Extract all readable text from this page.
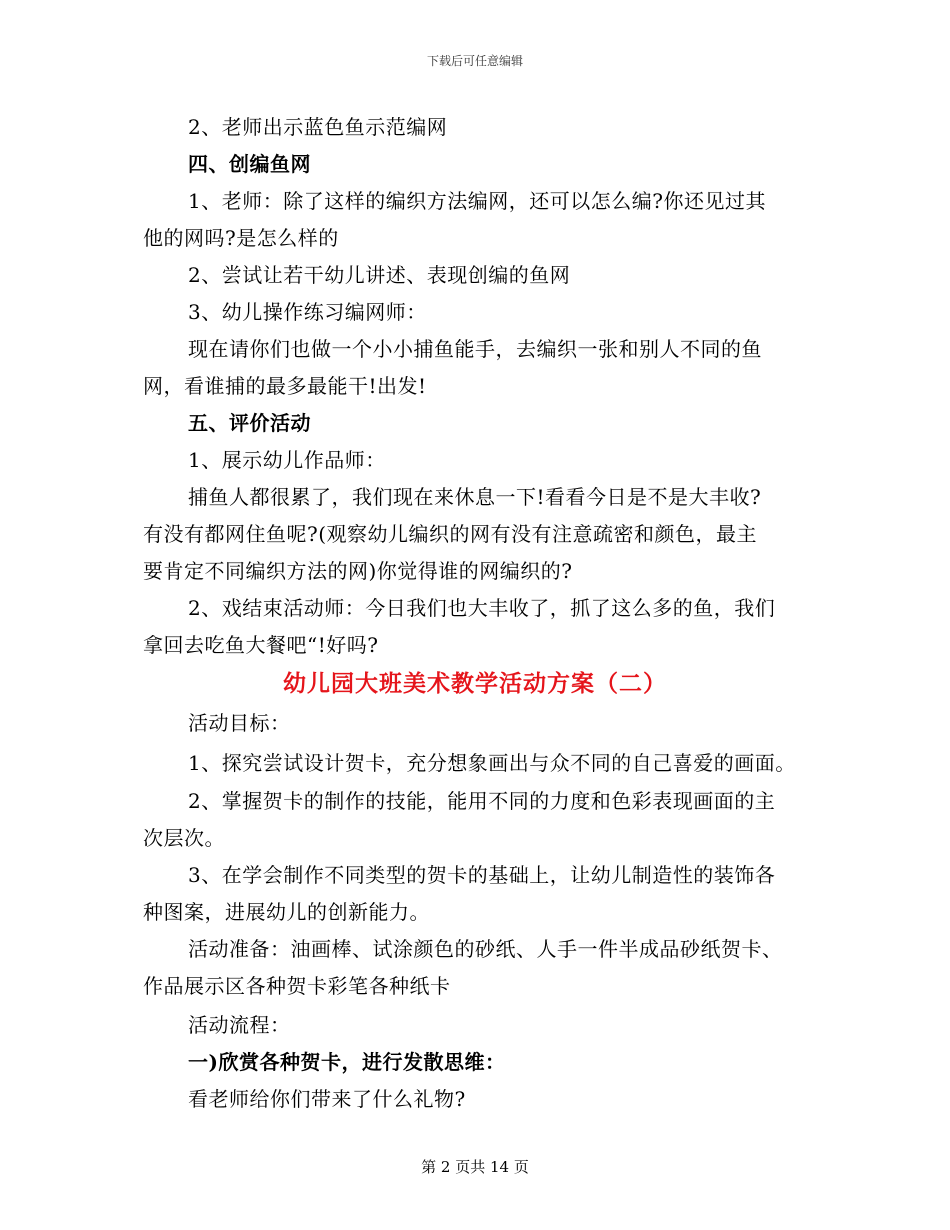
下载后可任意编辑
2、老师出示蓝色鱼示范编网
四、创编鱼网
1、老师：除了这样的编织方法编网，还可以怎么编?你还见过其
他的网吗?是怎么样的
2、尝试让若干幼儿讲述、表现创编的鱼网
3、幼儿操作练习编网师：
现在请你们也做一个小小捕鱼能手，去编织一张和别人不同的鱼
网，看谁捕的最多最能干!出发!
五、评价活动
1、展示幼儿作品师：
捕鱼人都很累了，我们现在来休息一下!看看今日是不是大丰收?
有没有都网住鱼呢?(观察幼儿编织的网有没有注意疏密和颜色，最主
要肯定不同编织方法的网)你觉得谁的网编织的?
2、戏结束活动师：今日我们也大丰收了，抓了这么多的鱼，我们
拿回去吃鱼大餐吧“!好吗?
幼儿园大班美术教学活动方案（二）
活动目标：
1、探究尝试设计贺卡，充分想象画出与众不同的自己喜爱的画面。
2、掌握贺卡的制作的技能，能用不同的力度和色彩表现画面的主
次层次。
3、在学会制作不同类型的贺卡的基础上，让幼儿制造性的装饰各
种图案，进展幼儿的创新能力。
活动准备：油画棒、试涂颜色的砂纸、人手一件半成品砂纸贺卡、
作品展示区各种贺卡彩笔各种纸卡
活动流程：
一)欣赏各种贺卡，进行发散思维：
看老师给你们带来了什么礼物?
第 2 页共 14 页
